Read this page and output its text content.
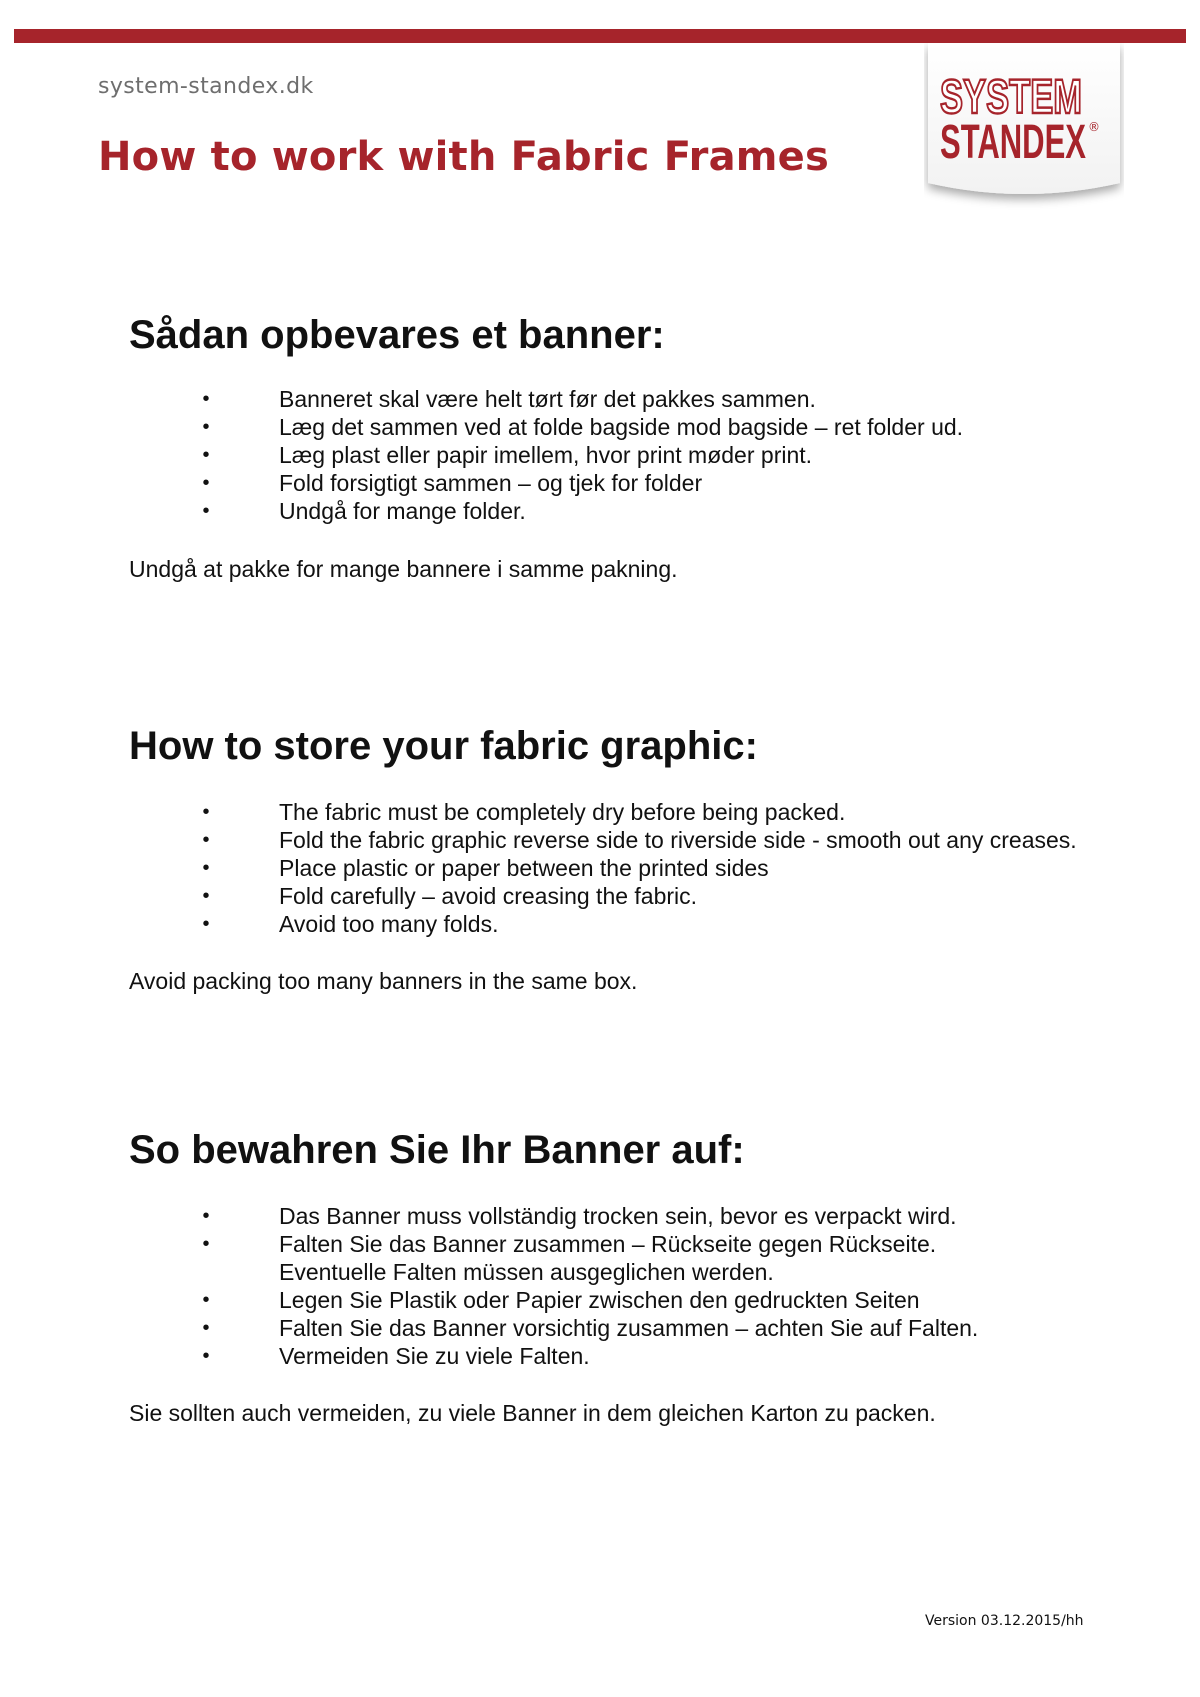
system-standex.dk
How to work with Fabric Frames
SYSTEM
STANDEX ®
Sådan opbevares et banner:
•	Banneret skal være helt tørt før det pakkes sammen.
•	Læg det sammen ved at folde bagside mod bagside – ret folder ud.
•	Læg plast eller papir imellem, hvor print møder print.
•	Fold forsigtigt sammen – og tjek for folder
•	Undgå for mange folder.

Undgå at pakke for mange bannere i samme pakning.

How to store your fabric graphic:
•	The fabric must be completely dry before being packed.
•	Fold the fabric graphic reverse side to riverside side - smooth out any creases.
•	Place plastic or paper between the printed sides
•	Fold carefully – avoid creasing the fabric.
•	Avoid too many folds.

Avoid packing too many banners in the same box.

So bewahren Sie Ihr Banner auf:
•	Das Banner muss vollständig trocken sein, bevor es verpackt wird.
•	Falten Sie das Banner zusammen – Rückseite gegen Rückseite.
Eventuelle Falten müssen ausgeglichen werden.
•	Legen Sie Plastik oder Papier zwischen den gedruckten Seiten
•	Falten Sie das Banner vorsichtig zusammen – achten Sie auf Falten.
•	Vermeiden Sie zu viele Falten.

Sie sollten auch vermeiden, zu viele Banner in dem gleichen Karton zu packen.

Version 03.12.2015/hh
